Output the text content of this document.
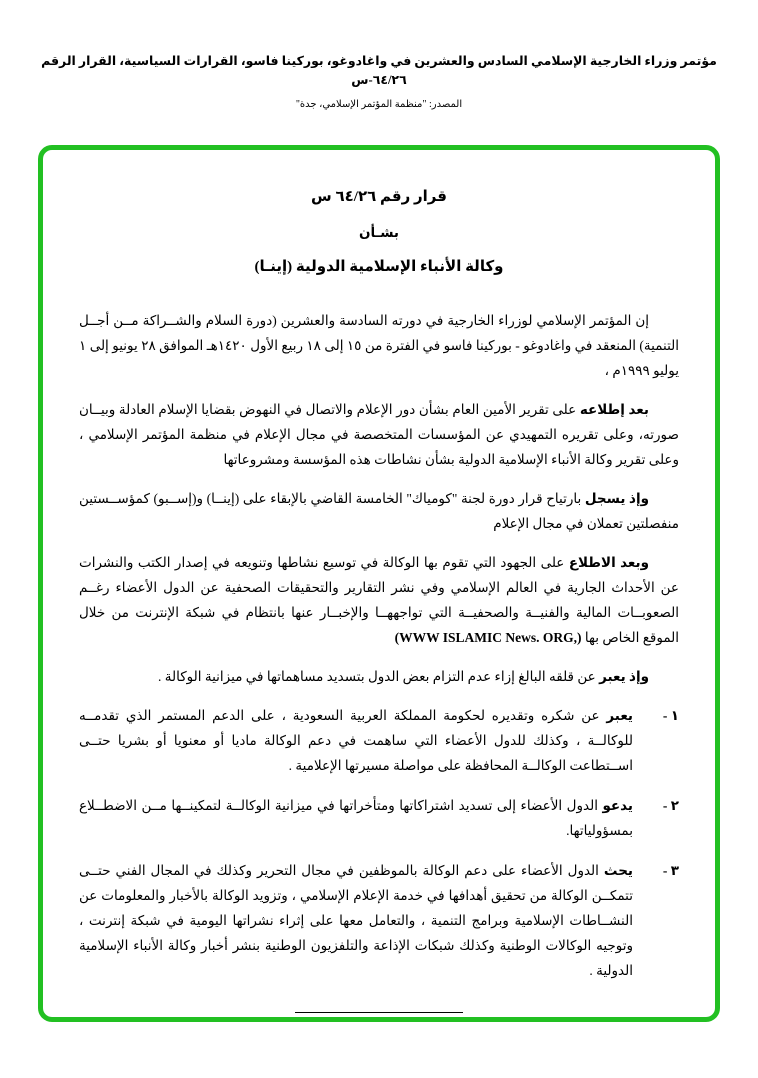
مؤتمر وزراء الخارجية الإسلامي السادس والعشرين في واغادوغو، بوركينا فاسو، القرارات السياسية، القرار الرقم ٦٤/٢٦-س
المصدر: "منظمة المؤتمر الإسلامي، جدة"
قرار رقم ٦٤/٢٦ س
بشـأن
وكالة الأنباء الإسلامية الدولية (إينـا)

إن المؤتمر الإسلامي لوزراء الخارجية في دورته السادسة والعشرين (دورة السلام والشــراكة مــن أجــل التنمية) المنعقد في واغادوغو - بوركينا فاسو في الفترة من ١٥ إلى ١٨ ربيع الأول ١٤٢٠هـ الموافق ٢٨ يونيو إلى ١ يوليو ١٩٩٩م ،

بعد إطلاعه على تقرير الأمين العام بشأن دور الإعلام والاتصال في النهوض بقضايا الإسلام العادلة وبيــان صورته، وعلى تقريره التمهيدي عن المؤسسات المتخصصة في مجال الإعلام في منظمة المؤتمر الإسلامي ، وعلى تقرير وكالة الأنباء الإسلامية الدولية بشأن نشاطات هذه المؤسسة ومشروعاتها

وإذ يسجل بارتياح قرار دورة لجنة "كومياك" الخامسة القاضي بالإبقاء على (إينــا) و(إســبو) كمؤســستين منفصلتين تعملان في مجال الإعلام

وبعد الاطلاع على الجهود التي تقوم بها الوكالة في توسيع نشاطها وتنويعه في إصدار الكتب والنشرات عن الأحداث الجارية في العالم الإسلامي وفي نشر التقارير والتحقيقات الصحفية عن الدول الأعضاء رغــم الصعوبــات المالية والفنيــة والصحفيــة التي تواجههــا والإخبــار عنها بانتظام في شبكة الإنترنت من خلال الموقع الخاص بها (WWW ISLAMIC News. ORG,)

وإذ يعبر عن قلقه البالغ إزاء عدم التزام بعض الدول بتسديد مساهماتها في ميزانية الوكالة .

١ -
يعبر عن شكره وتقديره لحكومة المملكة العربية السعودية ، على الدعم المستمر الذي تقدمــه للوكالــة ، وكذلك للدول الأعضاء التي ساهمت في دعم الوكالة ماديا أو معنويا أو بشريا حتــى اســتطاعت الوكالــة المحافظة على مواصلة مسيرتها الإعلامية .
٢ -
يدعو الدول الأعضاء إلى تسديد اشتراكاتها ومتأخراتها في ميزانية الوكالــة لتمكينــها مــن الاضطــلاع بمسؤولياتها.
٣ -
يحث الدول الأعضاء على دعم الوكالة بالموظفين في مجال التحرير وكذلك في المجال الفني حتــى تتمكــن الوكالة من تحقيق أهدافها في خدمة الإعلام الإسلامي ، وتزويد الوكالة بالأخبار والمعلومات عن النشــاطات الإسلامية وبرامج التنمية ، والتعامل معها على إثراء نشراتها اليومية في شبكة إنترنت ، وتوجيه الوكالات الوطنية وكذلك شبكات الإذاعة والتلفزيون الوطنية بنشر أخبار وكالة الأنباء الإسلامية الدولية .
